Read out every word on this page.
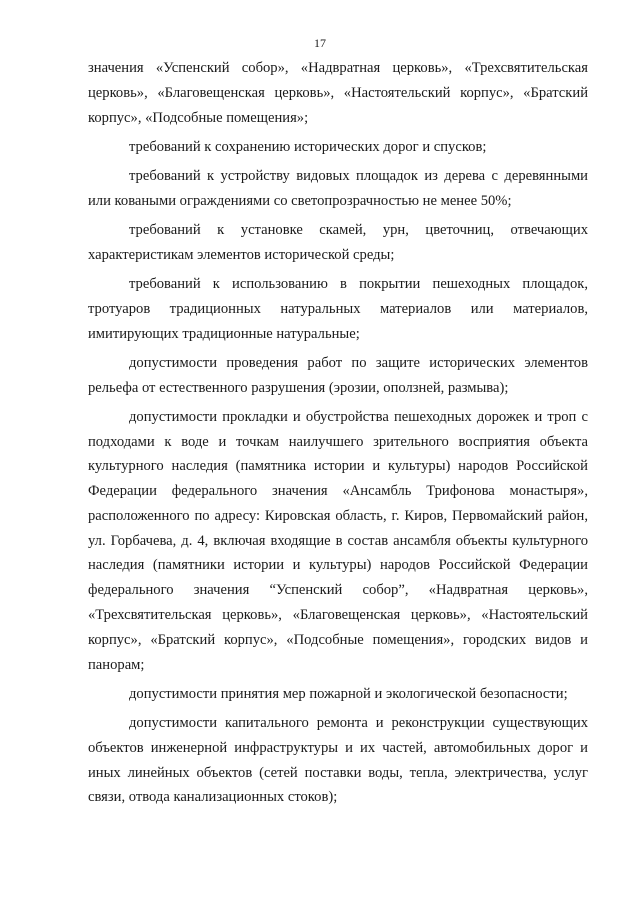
17

значения «Успенский собор», «Надвратная церковь», «Трехсвятительская церковь», «Благовещенская церковь», «Настоятельский корпус», «Братский корпус», «Подсобные помещения»;

требований к сохранению исторических дорог и спусков;

требований к устройству видовых площадок из дерева с деревянными или коваными ограждениями со светопрозрачностью не менее 50%;

требований к установке скамей, урн, цветочниц, отвечающих характеристикам элементов исторической среды;

требований к использованию в покрытии пешеходных площадок, тротуаров традиционных натуральных материалов или материалов, имитирующих традиционные натуральные;

допустимости проведения работ по защите исторических элементов рельефа от естественного разрушения (эрозии, оползней, размыва);

допустимости прокладки и обустройства пешеходных дорожек и троп с подходами к воде и точкам наилучшего зрительного восприятия объекта культурного наследия (памятника истории и культуры) народов Российской Федерации федерального значения «Ансамбль Трифонова монастыря», расположенного по адресу: Кировская область, г. Киров, Первомайский район, ул. Горбачева, д. 4, включая входящие в состав ансамбля объекты культурного наследия (памятники истории и культуры) народов Российской Федерации федерального значения “Успенский собор”, «Надвратная церковь», «Трехсвятительская церковь», «Благовещенская церковь», «Настоятельский корпус», «Братский корпус», «Подсобные помещения», городских видов и панорам;

допустимости принятия мер пожарной и экологической безопасности;

допустимости капитального ремонта и реконструкции существующих объектов инженерной инфраструктуры и их частей, автомобильных дорог и иных линейных объектов (сетей поставки воды, тепла, электричества, услуг связи, отвода канализационных стоков);
